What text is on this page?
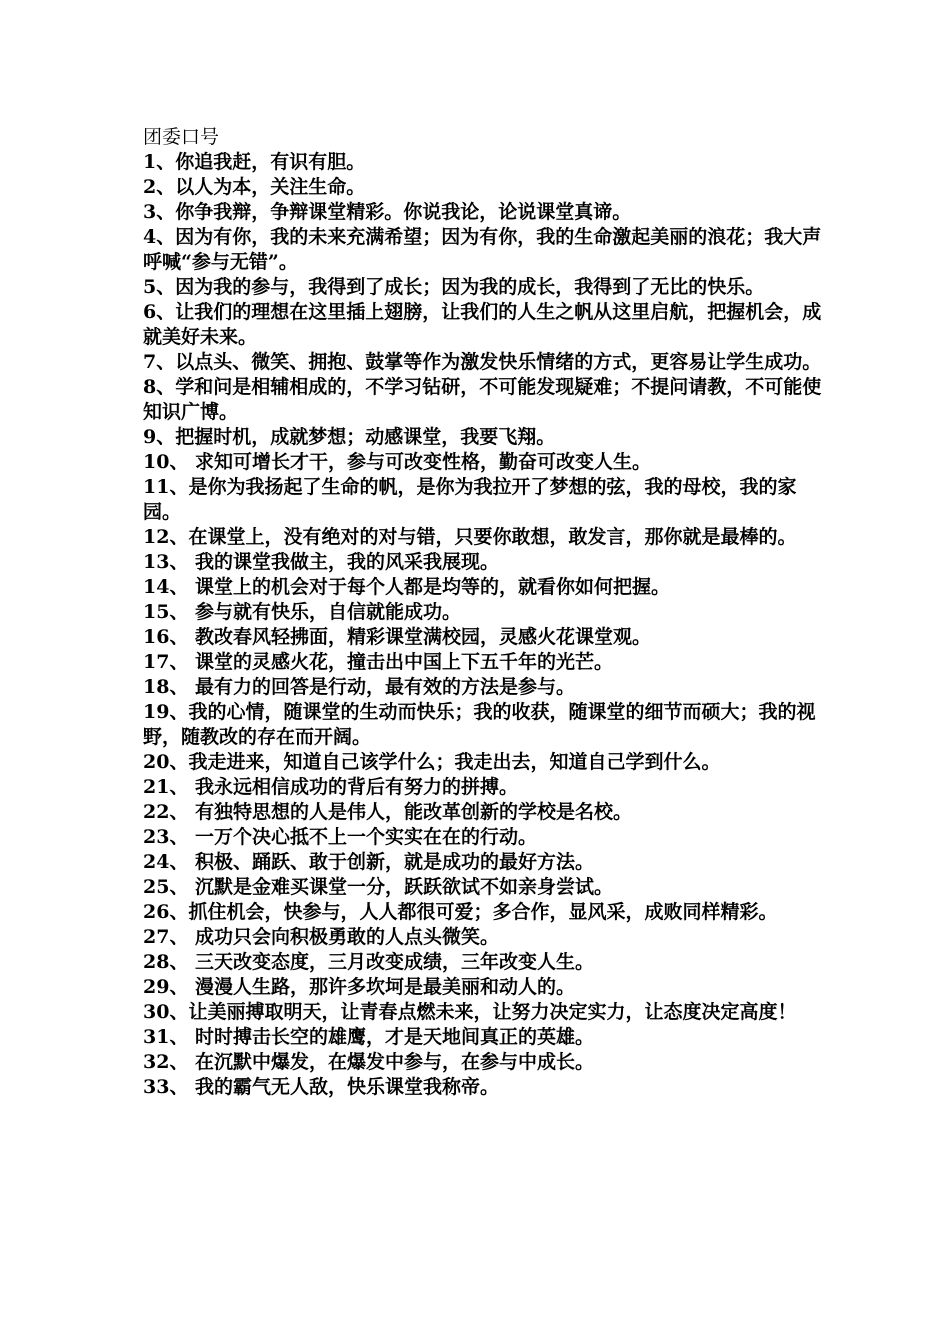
团委口号
1、你追我赶，有识有胆。
2、以人为本，关注生命。
3、你争我辩，争辩课堂精彩。你说我论，论说课堂真谛。
4、因为有你，我的未来充满希望；因为有你，我的生命激起美丽的浪花；我大声呼喊“参与无错”。
5、因为我的参与，我得到了成长；因为我的成长，我得到了无比的快乐。
6、让我们的理想在这里插上翅膀，让我们的人生之帆从这里启航，把握机会，成就美好未来。
7、以点头、微笑、拥抱、鼓掌等作为激发快乐情绪的方式，更容易让学生成功。
8、学和问是相辅相成的，不学习钻研，不可能发现疑难；不提问请教，不可能使知识广博。
9、把握时机，成就梦想；动感课堂，我要飞翔。
10、 求知可增长才干，参与可改变性格，勤奋可改变人生。
11、是你为我扬起了生命的帆，是你为我拉开了梦想的弦，我的母校，我的家园。
12、在课堂上，没有绝对的对与错，只要你敢想，敢发言，那你就是最棒的。
13、 我的课堂我做主，我的风采我展现。
14、 课堂上的机会对于每个人都是均等的，就看你如何把握。
15、 参与就有快乐，自信就能成功。
16、 教改春风轻拂面，精彩课堂满校园，灵感火花课堂观。
17、 课堂的灵感火花，撞击出中国上下五千年的光芒。
18、 最有力的回答是行动，最有效的方法是参与。
19、我的心情，随课堂的生动而快乐；我的收获，随课堂的细节而硕大；我的视野，随教改的存在而开阔。
20、我走进来，知道自己该学什么；我走出去，知道自己学到什么。
21、 我永远相信成功的背后有努力的拼搏。
22、 有独特思想的人是伟人，能改革创新的学校是名校。
23、 一万个决心抵不上一个实实在在的行动。
24、 积极、踊跃、敢于创新，就是成功的最好方法。
25、 沉默是金难买课堂一分，跃跃欲试不如亲身尝试。
26、抓住机会，快参与，人人都很可爱；多合作，显风采，成败同样精彩。
27、 成功只会向积极勇敢的人点头微笑。
28、 三天改变态度，三月改变成绩，三年改变人生。
29、 漫漫人生路，那许多坎坷是最美丽和动人的。
30、让美丽搏取明天，让青春点燃未来，让努力决定实力，让态度决定高度！
31、 时时搏击长空的雄鹰，才是天地间真正的英雄。
32、 在沉默中爆发，在爆发中参与，在参与中成长。
33、 我的霸气无人敌，快乐课堂我称帝。
